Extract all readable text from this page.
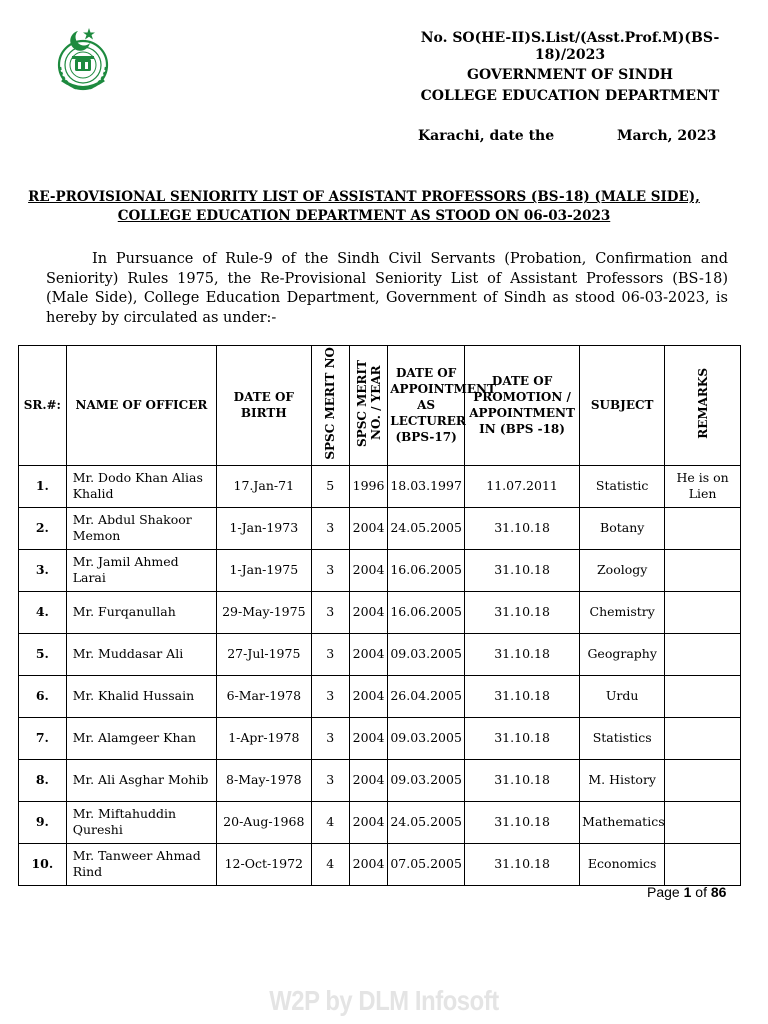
No. SO(HE-II)S.List/(Asst.Prof.M)(BS-18)/2023
GOVERNMENT OF SINDH
COLLEGE EDUCATION DEPARTMENT
Karachi, date the	March, 2023
RE-PROVISIONAL SENIORITY LIST OF ASSISTANT PROFESSORS (BS-18) (MALE SIDE),
COLLEGE EDUCATION DEPARTMENT AS STOOD ON 06-03-2023
In Pursuance of Rule-9 of the Sindh Civil Servants (Probation, Confirmation and Seniority) Rules 1975, the Re-Provisional Seniority List of Assistant Professors (BS-18) (Male Side), College Education Department, Government of Sindh as stood 06-03-2023, is hereby by circulated as under:-
SR.#:	NAME OF OFFICER	DATE OF BIRTH	SPSC MERIT NO	SPSC MERIT NO. / YEAR	DATE OF APPOINTMENT AS LECTURER (BPS-17)	DATE OF PROMOTION / APPOINTMENT IN (BPS -18)	SUBJECT	REMARKS
1.	Mr. Dodo Khan Alias Khalid	17.Jan-71	5	1996	18.03.1997	11.07.2011	Statistic	He is on Lien
2.	Mr. Abdul Shakoor Memon	1-Jan-1973	3	2004	24.05.2005	31.10.18	Botany	
3.	Mr. Jamil Ahmed Larai	1-Jan-1975	3	2004	16.06.2005	31.10.18	Zoology	
4.	Mr. Furqanullah	29-May-1975	3	2004	16.06.2005	31.10.18	Chemistry	
5.	Mr. Muddasar Ali	27-Jul-1975	3	2004	09.03.2005	31.10.18	Geography	
6.	Mr. Khalid Hussain	6-Mar-1978	3	2004	26.04.2005	31.10.18	Urdu	
7.	Mr. Alamgeer Khan	1-Apr-1978	3	2004	09.03.2005	31.10.18	Statistics	
8.	Mr. Ali Asghar Mohib	8-May-1978	3	2004	09.03.2005	31.10.18	M. History	
9.	Mr. Miftahuddin Qureshi	20-Aug-1968	4	2004	24.05.2005	31.10.18	Mathematics	
10.	Mr. Tanweer Ahmad Rind	12-Oct-1972	4	2004	07.05.2005	31.10.18	Economics	
Page 1 of 86
W2P by DLM Infosoft
